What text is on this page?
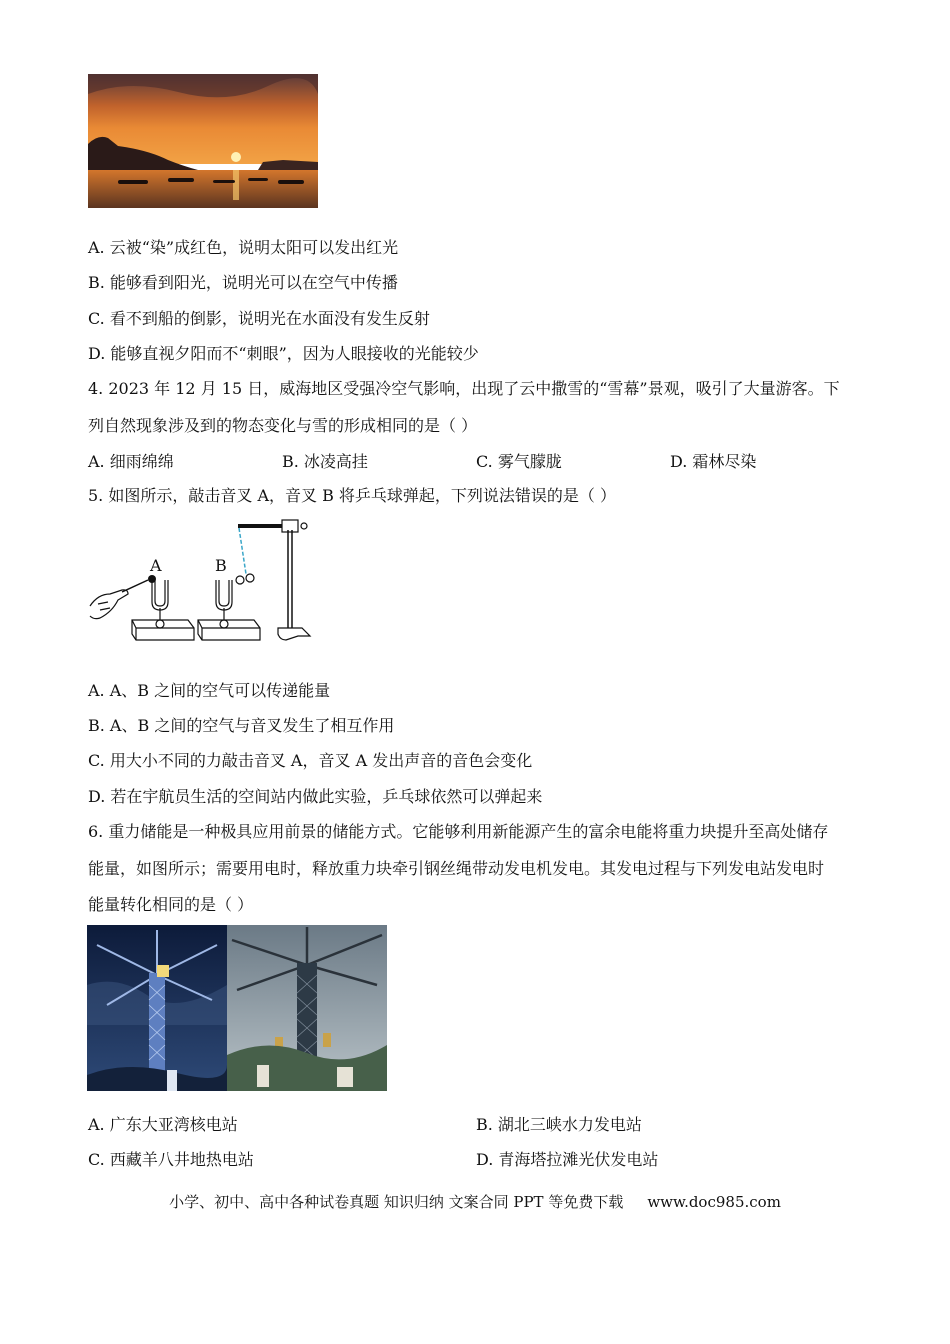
A. 云被“染”成红色，说明太阳可以发出红光
B. 能够看到阳光，说明光可以在空气中传播
C. 看不到船的倒影，说明光在水面没有发生反射
D. 能够直视夕阳而不“刺眼”，因为人眼接收的光能较少
4. 2023 年 12 月 15 日，威海地区受强冷空气影响，出现了云中撒雪的“雪幕”景观，吸引了大量游客。下
列自然现象涉及到的物态变化与雪的形成相同的是（ ）
A. 细雨绵绵	B. 冰凌高挂	C. 雾气朦胧	D. 霜林尽染
5. 如图所示，敲击音叉 A，音叉 B 将乒乓球弹起，下列说法错误的是（ ）
A	B
A. A、B 之间的空气可以传递能量
B. A、B 之间的空气与音叉发生了相互作用
C. 用大小不同的力敲击音叉 A，音叉 A 发出声音的音色会变化
D. 若在宇航员生活的空间站内做此实验，乒乓球依然可以弹起来
6. 重力储能是一种极具应用前景的储能方式。它能够利用新能源产生的富余电能将重力块提升至高处储存
能量，如图所示；需要用电时，释放重力块牵引钢丝绳带动发电机发电。其发电过程与下列发电站发电时
能量转化相同的是（ ）
A. 广东大亚湾核电站	B. 湖北三峡水力发电站
C. 西藏羊八井地热电站	D. 青海塔拉滩光伏发电站
小学、初中、高中各种试卷真题 知识归纳 文案合同 PPT 等免费下载 www.doc985.com
